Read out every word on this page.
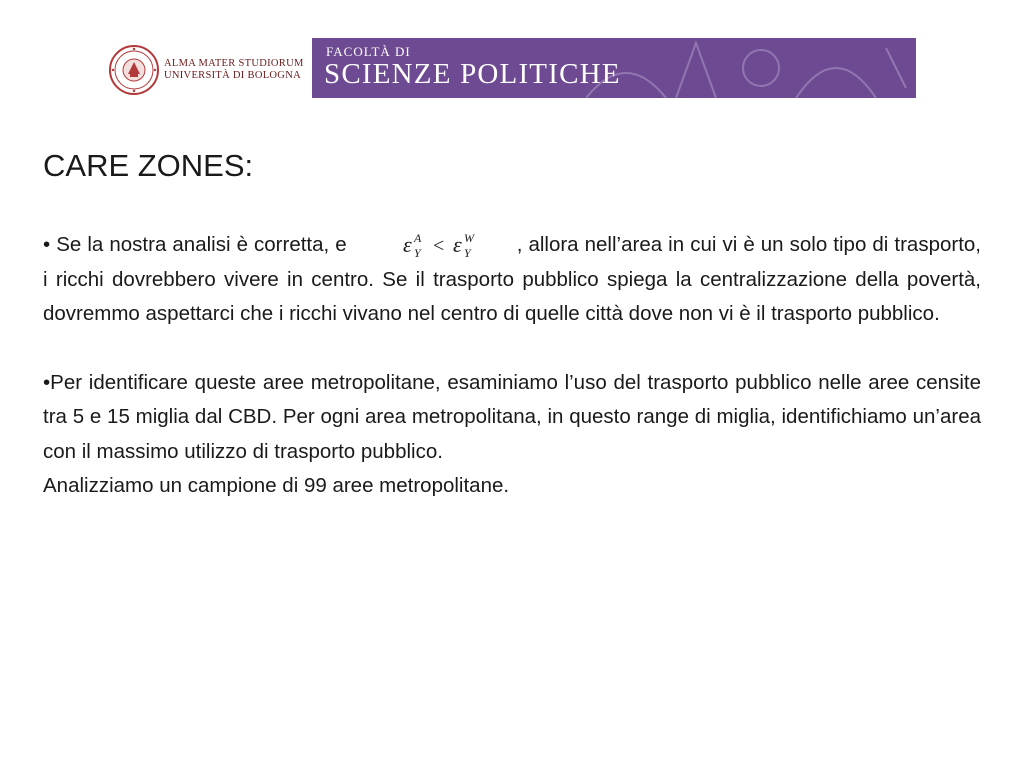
ALMA MATER STUDIORUM
UNIVERSITÀ DI BOLOGNA
FACOLTÀ DI
SCIENZE POLITICHE
CARE ZONES:

• Se la nostra analisi è corretta, e	ε A
Y < ε W
Y , allora nell’area in cui vi è un solo tipo di trasporto, i ricchi dovrebbero vivere in centro. Se il trasporto pubblico spiega la centralizzazione della povertà, dovremmo aspettarci che i ricchi vivano nel centro di quelle città dove non vi è il trasporto pubblico.

•Per identificare queste aree metropolitane, esaminiamo l’uso del trasporto pubblico nelle aree censite tra 5 e 15 miglia dal CBD. Per ogni area metropolitana, in questo range di miglia, identifichiamo un’area con il massimo utilizzo di trasporto pubblico.

Analizziamo un campione di 99 aree metropolitane.
